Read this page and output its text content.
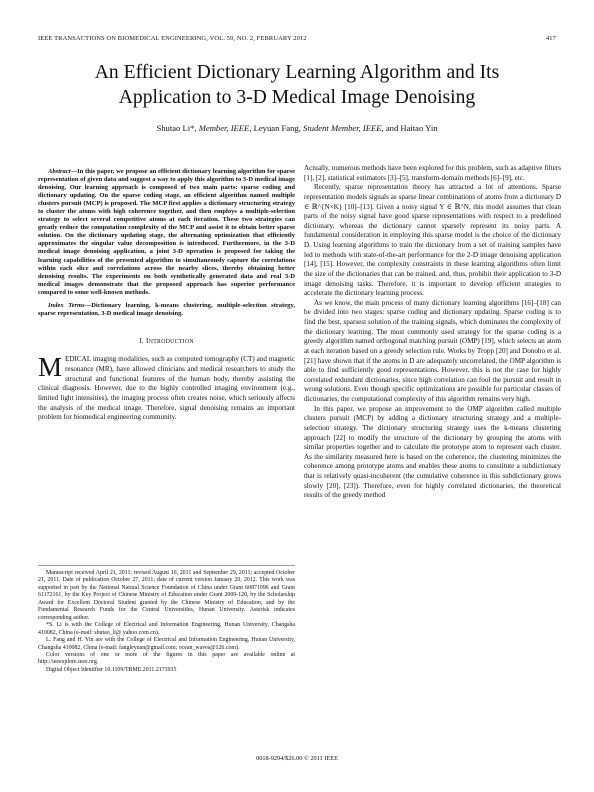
IEEE TRANSACTIONS ON BIOMEDICAL ENGINEERING, VOL. 59, NO. 2, FEBRUARY 2012	417
An Efficient Dictionary Learning Algorithm and Its
Application to 3-D Medical Image Denoising
Shutao Li*, Member, IEEE, Leyuan Fang, Student Member, IEEE, and Haitao Yin

Abstract—In this paper, we propose an efficient dictionary learning algorithm for sparse representation of given data and suggest a way to apply this algorithm to 3-D medical image denoising. Our learning approach is composed of two main parts: sparse coding and dictionary updating. On the sparse coding stage, an efficient algorithm named multiple clusters pursuit (MCP) is proposed. The MCP first applies a dictionary structuring strategy to cluster the atoms with high coherence together, and then employs a multiple-selection strategy to select several competitive atoms at each iteration. These two strategies can greatly reduce the computation complexity of the MCP and assist it to obtain better sparse solution. On the dictionary updating stage, the alternating optimization that efficiently approximates the singular value decomposition is introduced. Furthermore, in the 3-D medical image denoising application, a joint 3-D operation is proposed for taking the learning capabilities of the presented algorithm to simultaneously capture the correlations within each slice and correlations across the nearby slices, thereby obtaining better denoising results. The experiments on both synthetically generated data and real 3-D medical images demonstrate that the proposed approach has superior performance compared to some well-known methods.

Index Terms—Dictionary learning, k-means clustering, multiple-selection strategy, sparse representation, 3-D medical image denoising.

I. INTRODUCTION

MEDICAL imaging modalities, such as computed tomography (CT) and magnetic resonance (MR), have allowed clinicians and medical researchers to study the structural and functional features of the human body, thereby assisting the clinical diagnosis. However, due to the highly controlled imaging environment (e.g., limited light intensities), the imaging process often creates noise, which seriously affects the analysis of the medical image. Therefore, signal denoising remains an important problem for biomedical engineering community.

Manuscript received April 21, 2011; revised August 16, 2011 and September 29, 2011; accepted October 21, 2011. Date of publication October 27, 2011; date of current version January 20, 2012. This work was supported in part by the National Natural Science Foundation of China under Grant 60871096 and Grant 61172161, by the Key Project of Chinese Ministry of Education under Grant 2009-120, by the Scholarship Award for Excellent Doctoral Student granted by the Chinese Ministry of Education, and by the Fundamental Research Funds for the Central Universities, Hunan University. Asterisk indicates corresponding author.

*S. Li is with the College of Electrical and Information Engineering, Hunan University, Changsha 410082, China (e-mail: shutao_li@ yahoo.com.cn).

L. Fang and H. Yin are with the College of Electrical and Information Engineering, Hunan University, Changsha 410082, China (e-mail: fangleyuan@gmail.com; ocean_waves@126.com).

Color versions of one or more of the figures in this paper are available online at http://ieeexplore.ieee.org.

Digital Object Identifier 10.1109/TBME.2011.2173935

Actually, numerous methods have been explored for this problem, such as adaptive filters [1], [2], statistical estimators [3]–[5], transform-domain methods [6]–[9], etc.

Recently, sparse representation theory has attracted a lot of attentions. Sparse representation models signals as sparse linear combinations of atoms from a dictionary D ∈ ℝ^{N×K} [10]–[13]. Given a noisy signal Y ∈ ℝ^N, this model assumes that clean parts of the noisy signal have good sparse representations with respect to a predefined dictionary, whereas the dictionary cannot sparsely represent its noisy parts. A fundamental consideration in employing this sparse model is the choice of the dictionary D. Using learning algorithms to train the dictionary from a set of training samples have led to methods with state-of-the-art performance for the 2-D image denoising application [14], [15]. However, the complexity constraints in these learning algorithms often limit the size of the dictionaries that can be trained, and, thus, prohibit their application to 3-D image denoising tasks. Therefore, it is important to develop efficient strategies to accelerate the dictionary learning process.

As we know, the main process of many dictionary learning algorithms [16]–[18] can be divided into two stages: sparse coding and dictionary updating. Sparse coding is to find the best, sparsest solution of the training signals, which dominates the complexity of the dictionary learning. The most commonly used strategy for the sparse coding is a greedy algorithm named orthogonal matching pursuit (OMP) [19], which selects an atom at each iteration based on a greedy selection rule. Works by Tropp [20] and Donoho et al. [21] have shown that if the atoms in D are adequately uncorrelated, the OMP algorithm is able to find sufficiently good representations. However, this is not the case for highly correlated redundant dictionaries, since high correlation can fool the pursuit and result in wrong solutions. Even though specific optimizations are possible for particular classes of dictionaries, the computational complexity of this algorithm remains very high.

In this paper, we propose an improvement to the OMP algorithm called multiple clusters pursuit (MCP) by adding a dictionary structuring strategy and a multiple-selection strategy. The dictionary structuring strategy uses the k-means clustering approach [22] to modify the structure of the dictionary by grouping the atoms with similar properties together and to calculate the prototype atom to represent each cluster. As the similarity measured here is based on the coherence, the clustering minimizes the coherence among prototype atoms and enables these atoms to constitute a subdictionary that is relatively quasi-incoherent (the cumulative coherence in this subdictionary grows slowly [20], [23]). Therefore, even for highly correlated dictionaries, the theoretical results of the greedy method

0018-9294/$26.00 © 2011 IEEE
